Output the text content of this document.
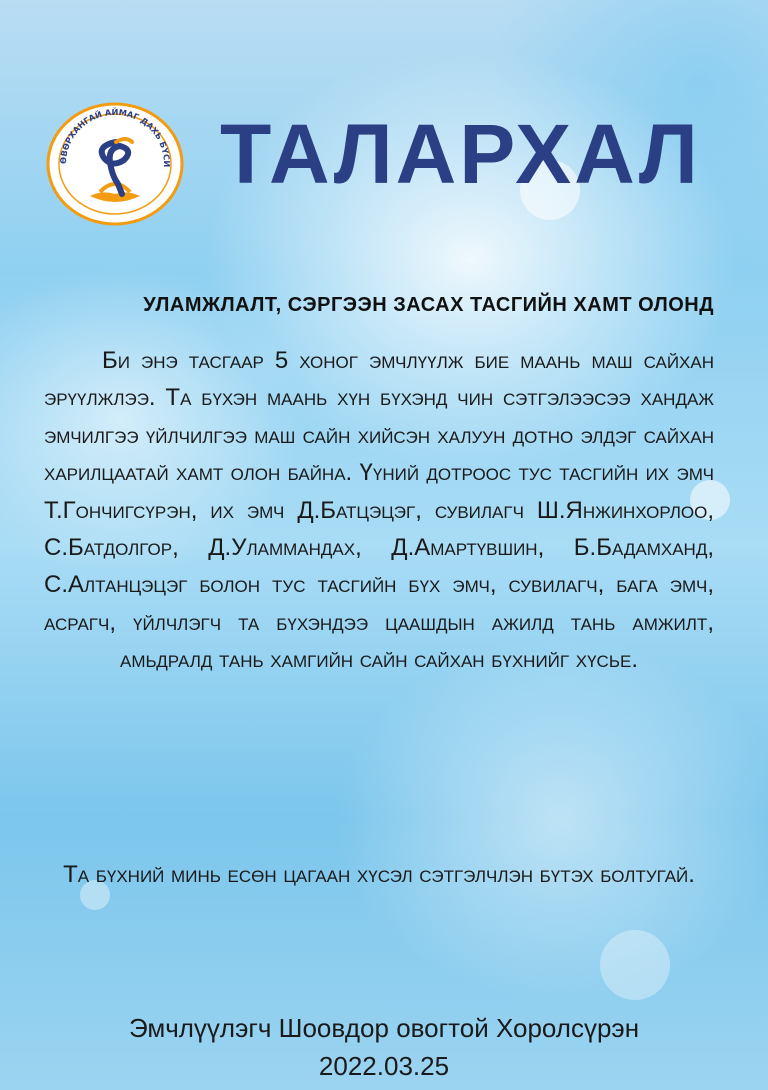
ӨВӨРХАНГАЙ АЙМАГ ДАХЬ БҮСИ ТАЛАРХАЛ
УЛАМЖЛАЛТ, СЭРГЭЭН ЗАСАХ ТАСГИЙН ХАМТ ОЛОНД
Би энэ тасгаар 5 хоног эмчлүүлж бие маань маш сайхан эрүүлжлээ. Та бүхэн маань хүн бүхэнд чин сэтгэлээсээ хандаж эмчилгээ үйлчилгээ маш сайн хийсэн халуун дотно элдэг сайхан харилцаатай хамт олон байна. Үүний дотроос тус тасгийн их эмч Т.Гончигсүрэн, их эмч Д.Батцэцэг, сувилагч Ш.Янжинхорлоо, С.Батдолгор, Д.Уламмандах, Д.Амартүвшин, Б.Бадамханд, С.Алтанцэцэг болон тус тасгийн бүх эмч, сувилагч, бага эмч, асрагч, үйлчлэгч та бүхэндээ цаашдын ажилд тань амжилт, амьдралд тань хамгийн сайн сайхан бүхнийг хүсье.
Та бүхний минь есөн цагаан хүсэл сэтгэлчлэн бүтэх болтугай.
Эмчлүүлэгч Шоовдор овогтой Хоролсүрэн
2022.03.25
